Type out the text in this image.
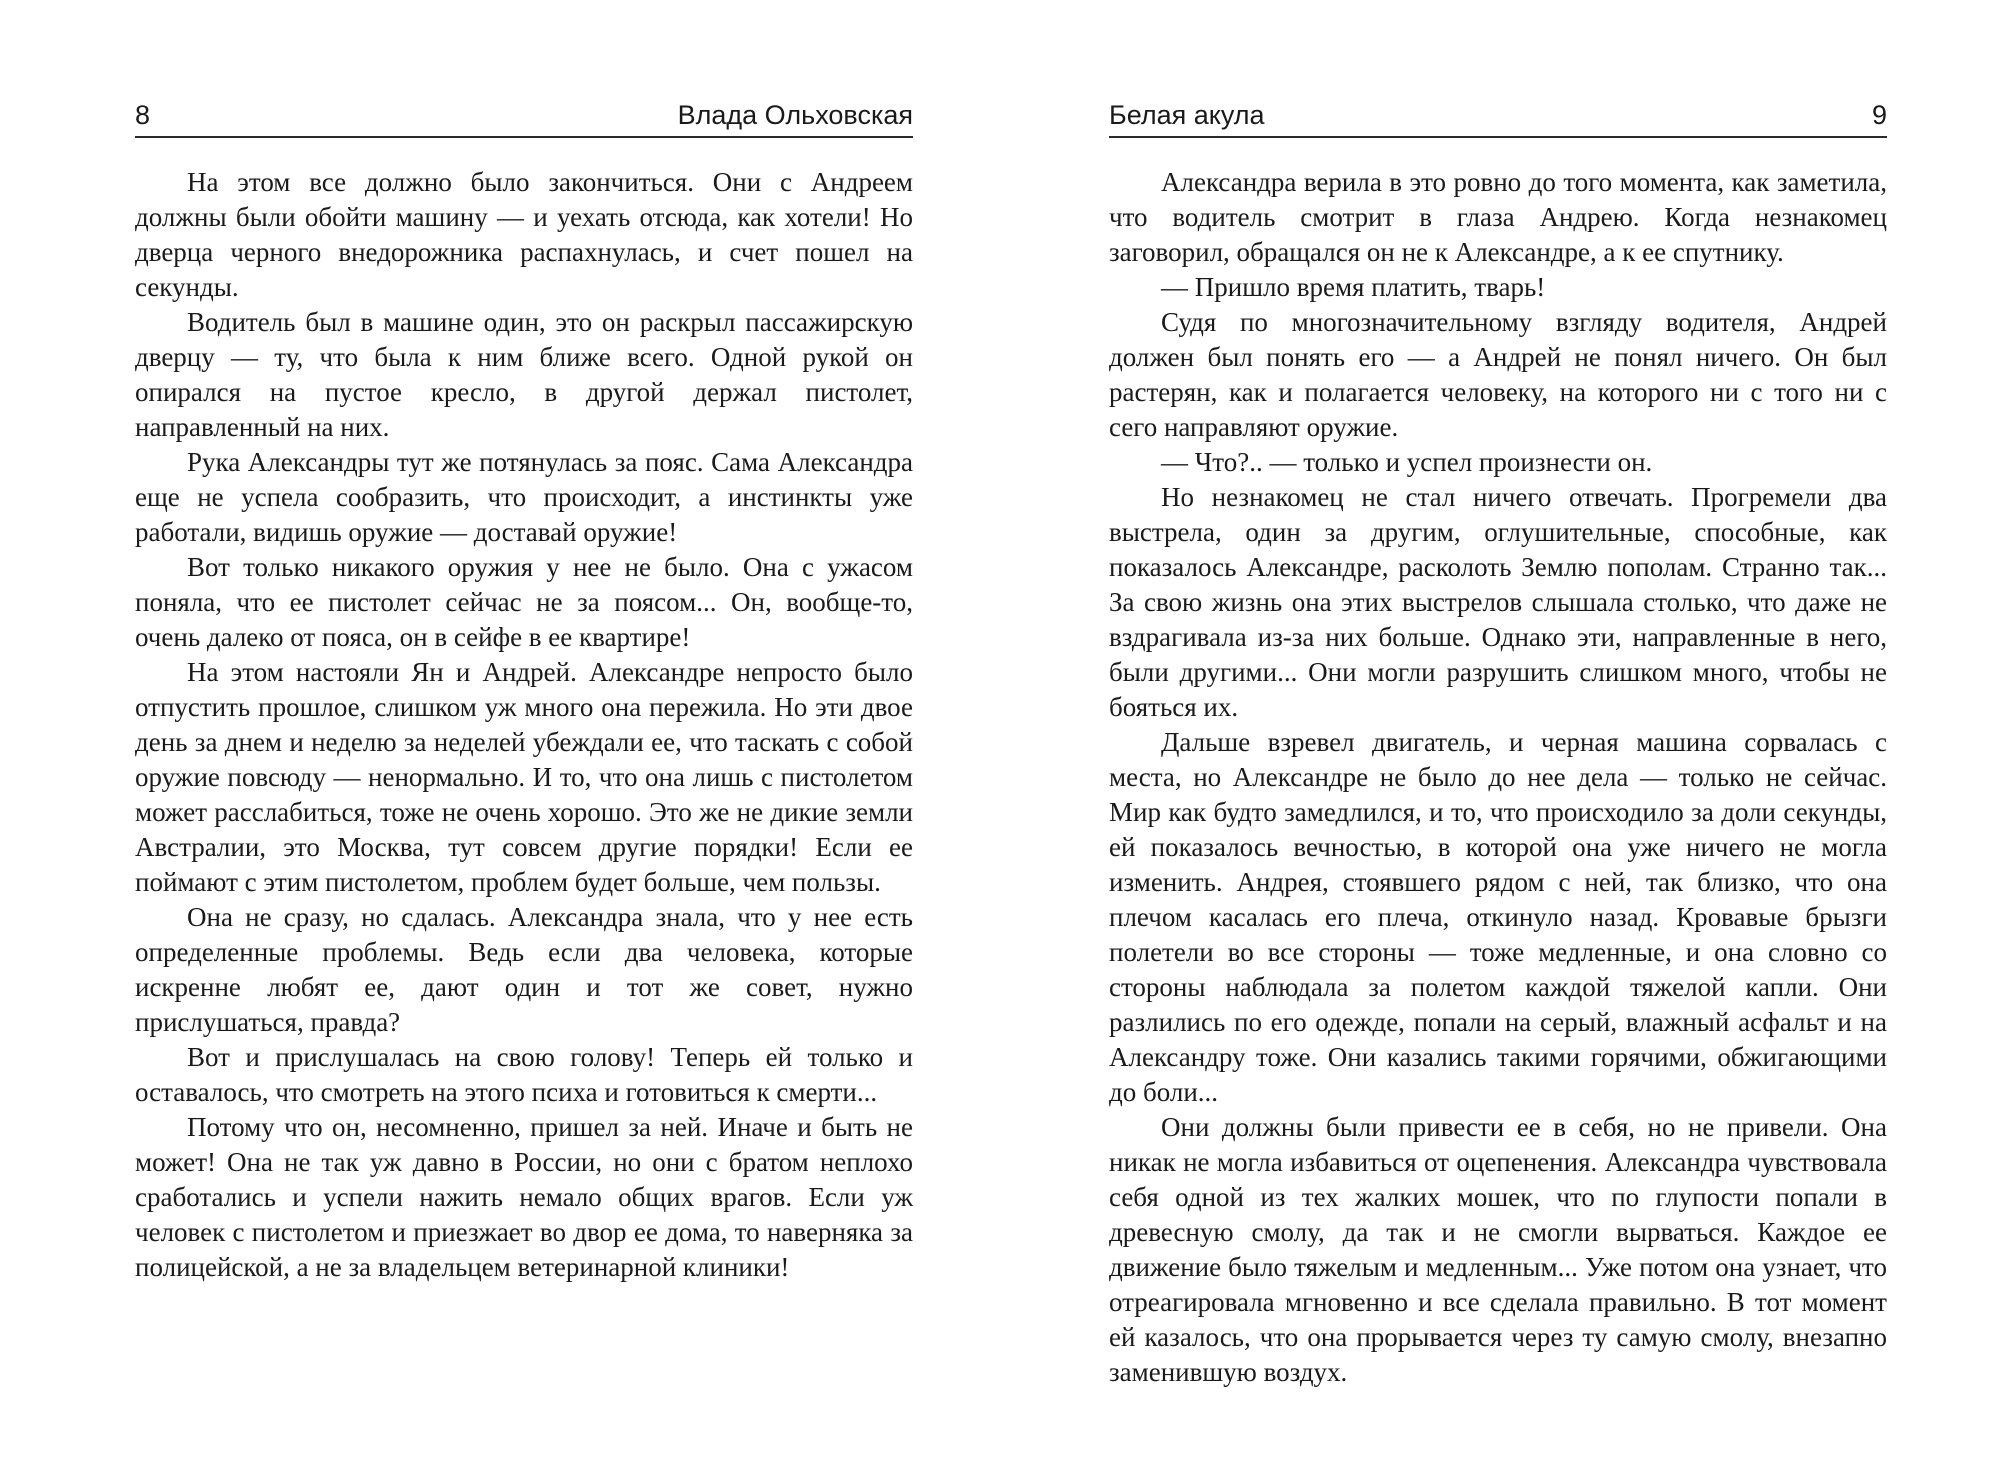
8	Влада Ольховская

На этом все должно было закончиться. Они с Андреем должны были обойти машину — и уехать отсюда, как хотели! Но дверца черного внедорожника распахнулась, и счет пошел на секунды.

Водитель был в машине один, это он раскрыл пассажирскую дверцу — ту, что была к ним ближе всего. Одной рукой он опирался на пустое кресло, в другой держал пистолет, направленный на них.

Рука Александры тут же потянулась за пояс. Сама Александра еще не успела сообразить, что происходит, а инстинкты уже работали, видишь оружие — доставай оружие!

Вот только никакого оружия у нее не было. Она с ужасом поняла, что ее пистолет сейчас не за поясом... Он, вообще-то, очень далеко от пояса, он в сейфе в ее квартире!

На этом настояли Ян и Андрей. Александре непросто было отпустить прошлое, слишком уж много она пережила. Но эти двое день за днем и неделю за неделей убеждали ее, что таскать с собой оружие повсюду — ненормально. И то, что она лишь с пистолетом может расслабиться, тоже не очень хорошо. Это же не дикие земли Австралии, это Москва, тут совсем другие порядки! Если ее поймают с этим пистолетом, проблем будет больше, чем пользы.

Она не сразу, но сдалась. Александра знала, что у нее есть определенные проблемы. Ведь если два человека, которые искренне любят ее, дают один и тот же совет, нужно прислушаться, правда?

Вот и прислушалась на свою голову! Теперь ей только и оставалось, что смотреть на этого психа и готовиться к смерти...

Потому что он, несомненно, пришел за ней. Иначе и быть не может! Она не так уж давно в России, но они с братом неплохо сработались и успели нажить немало общих врагов. Если уж человек с пистолетом и приезжает во двор ее дома, то наверняка за полицейской, а не за владельцем ветеринарной клиники!

Белая акула	9

Александра верила в это ровно до того момента, как заметила, что водитель смотрит в глаза Андрею. Когда незнакомец заговорил, обращался он не к Александре, а к ее спутнику.

— Пришло время платить, тварь!

Судя по многозначительному взгляду водителя, Андрей должен был понять его — а Андрей не понял ничего. Он был растерян, как и полагается человеку, на которого ни с того ни с сего направляют оружие.

— Что?.. — только и успел произнести он.

Но незнакомец не стал ничего отвечать. Прогремели два выстрела, один за другим, оглушительные, способные, как показалось Александре, расколоть Землю пополам. Странно так... За свою жизнь она этих выстрелов слышала столько, что даже не вздрагивала из-за них больше. Однако эти, направленные в него, были другими... Они могли разрушить слишком много, чтобы не бояться их.

Дальше взревел двигатель, и черная машина сорвалась с места, но Александре не было до нее дела — только не сейчас. Мир как будто замедлился, и то, что происходило за доли секунды, ей показалось вечностью, в которой она уже ничего не могла изменить. Андрея, стоявшего рядом с ней, так близко, что она плечом касалась его плеча, откинуло назад. Кровавые брызги полетели во все стороны — тоже медленные, и она словно со стороны наблюдала за полетом каждой тяжелой капли. Они разлились по его одежде, попали на серый, влажный асфальт и на Александру тоже. Они казались такими горячими, обжигающими до боли...

Они должны были привести ее в себя, но не привели. Она никак не могла избавиться от оцепенения. Александра чувствовала себя одной из тех жалких мошек, что по глупости попали в древесную смолу, да так и не смогли вырваться. Каждое ее движение было тяжелым и медленным... Уже потом она узнает, что отреагировала мгновенно и все сделала правильно. В тот момент ей казалось, что она прорывается через ту самую смолу, внезапно заменившую воздух.
